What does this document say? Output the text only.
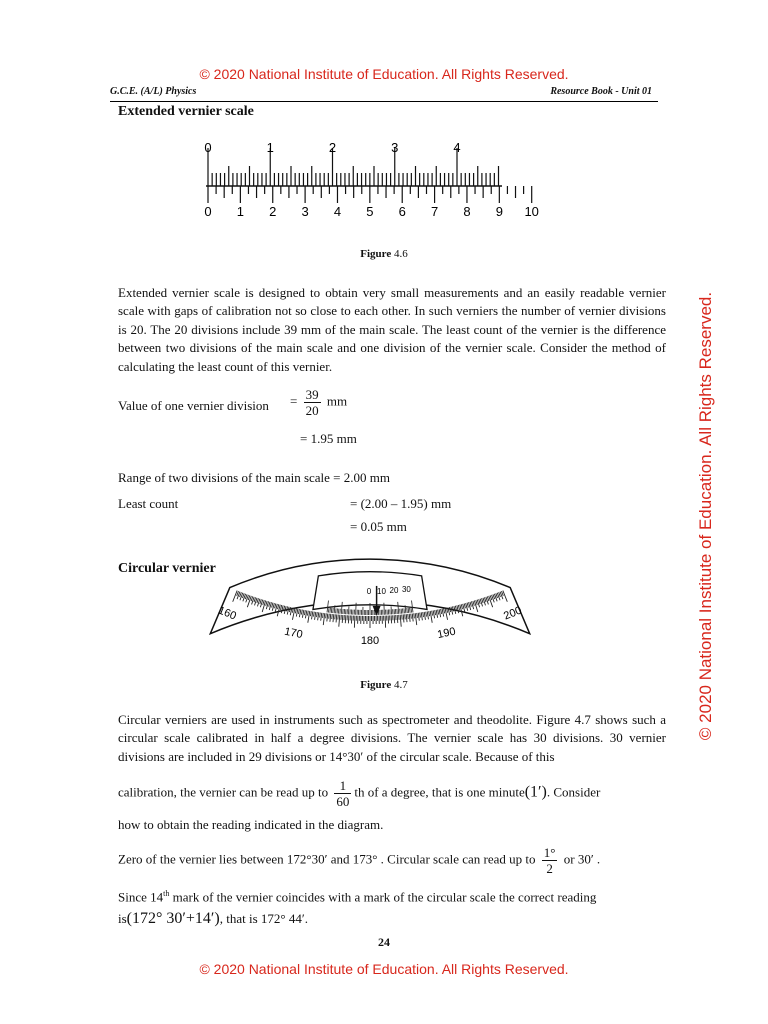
© 2020 National Institute of Education. All Rights Reserved.
© 2020 National Institute of Education. All Rights Reserved.
G.C.E. (A/L) Physics	Resource Book - Unit 01
Extended vernier scale
0	1	2	3	4
0 1 2 3 4 5 6 7 8 9 10
Figure 4.6
Extended vernier scale is designed to obtain very small measurements and an easily readable vernier scale with gaps of calibration not so close to each other. In such verniers the number of vernier divisions is 20. The 20 divisions include 39 mm of the main scale. The least count of the vernier is the difference between two divisions of the main scale and one division of the vernier scale. Consider the method of calculating the least count of this vernier.
Value of one vernier division = $\frac{39}{20}$ mm
= 1.95 mm
Range of two divisions of the main scale = 2.00 mm
Least count	= (2.00 – 1.95) mm
= 0.05 mm
Circular vernier
30
20
10
0
200
190
180
170
160
Figure 4.7
Circular verniers are used in instruments such as spectrometer and theodolite. Figure 4.7 shows such a circular scale calibrated in half a degree divisions. The vernier scale has 30 divisions. 30 vernier divisions are included in 29 divisions or 14°30′ of the circular scale. Because of this
calibration, the vernier can be read up to $\frac{1}{60}$ th of a degree, that is one minute(1′). Consider
how to obtain the reading indicated in the diagram.
Zero of the vernier lies between 172°30′ and 173° . Circular scale can read up to $\frac{1^\circ}{2}$ or 30′ .
Since 14th mark of the vernier coincides with a mark of the circular scale the correct reading
is(172° 30′+14′), that is 172° 44′.
24
© 2020 National Institute of Education. All Rights Reserved.
